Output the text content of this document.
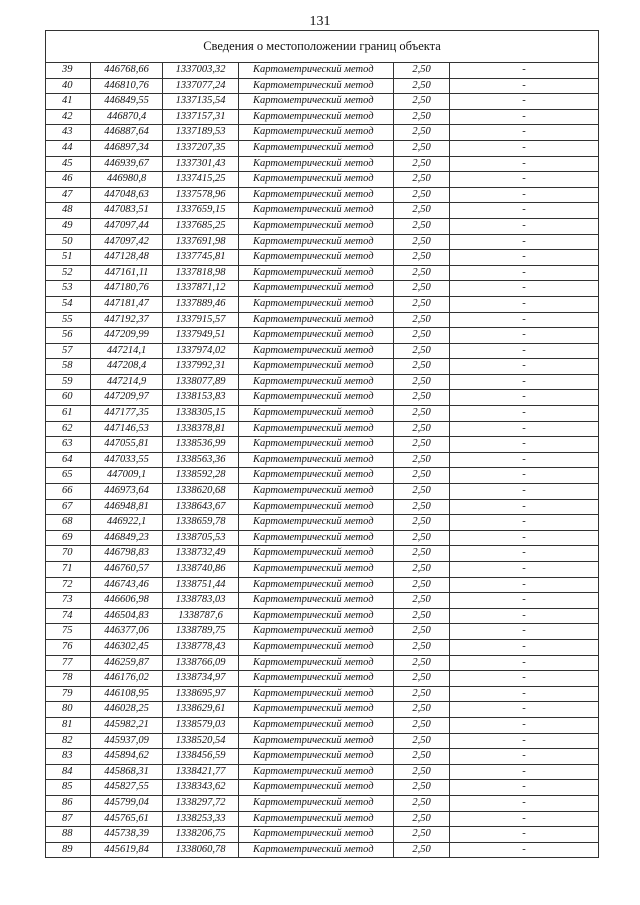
131
Сведения о местоположении границ объекта					
39	446768,66	1337003,32	Картометрический метод	2,50	-
40	446810,76	1337077,24	Картометрический метод	2,50	-
41	446849,55	1337135,54	Картометрический метод	2,50	-
42	446870,4	1337157,31	Картометрический метод	2,50	-
43	446887,64	1337189,53	Картометрический метод	2,50	-
44	446897,34	1337207,35	Картометрический метод	2,50	-
45	446939,67	1337301,43	Картометрический метод	2,50	-
46	446980,8	1337415,25	Картометрический метод	2,50	-
47	447048,63	1337578,96	Картометрический метод	2,50	-
48	447083,51	1337659,15	Картометрический метод	2,50	-
49	447097,44	1337685,25	Картометрический метод	2,50	-
50	447097,42	1337691,98	Картометрический метод	2,50	-
51	447128,48	1337745,81	Картометрический метод	2,50	-
52	447161,11	1337818,98	Картометрический метод	2,50	-
53	447180,76	1337871,12	Картометрический метод	2,50	-
54	447181,47	1337889,46	Картометрический метод	2,50	-
55	447192,37	1337915,57	Картометрический метод	2,50	-
56	447209,99	1337949,51	Картометрический метод	2,50	-
57	447214,1	1337974,02	Картометрический метод	2,50	-
58	447208,4	1337992,31	Картометрический метод	2,50	-
59	447214,9	1338077,89	Картометрический метод	2,50	-
60	447209,97	1338153,83	Картометрический метод	2,50	-
61	447177,35	1338305,15	Картометрический метод	2,50	-
62	447146,53	1338378,81	Картометрический метод	2,50	-
63	447055,81	1338536,99	Картометрический метод	2,50	-
64	447033,55	1338563,36	Картометрический метод	2,50	-
65	447009,1	1338592,28	Картометрический метод	2,50	-
66	446973,64	1338620,68	Картометрический метод	2,50	-
67	446948,81	1338643,67	Картометрический метод	2,50	-
68	446922,1	1338659,78	Картометрический метод	2,50	-
69	446849,23	1338705,53	Картометрический метод	2,50	-
70	446798,83	1338732,49	Картометрический метод	2,50	-
71	446760,57	1338740,86	Картометрический метод	2,50	-
72	446743,46	1338751,44	Картометрический метод	2,50	-
73	446606,98	1338783,03	Картометрический метод	2,50	-
74	446504,83	1338787,6	Картометрический метод	2,50	-
75	446377,06	1338789,75	Картометрический метод	2,50	-
76	446302,45	1338778,43	Картометрический метод	2,50	-
77	446259,87	1338766,09	Картометрический метод	2,50	-
78	446176,02	1338734,97	Картометрический метод	2,50	-
79	446108,95	1338695,97	Картометрический метод	2,50	-
80	446028,25	1338629,61	Картометрический метод	2,50	-
81	445982,21	1338579,03	Картометрический метод	2,50	-
82	445937,09	1338520,54	Картометрический метод	2,50	-
83	445894,62	1338456,59	Картометрический метод	2,50	-
84	445868,31	1338421,77	Картометрический метод	2,50	-
85	445827,55	1338343,62	Картометрический метод	2,50	-
86	445799,04	1338297,72	Картометрический метод	2,50	-
87	445765,61	1338253,33	Картометрический метод	2,50	-
88	445738,39	1338206,75	Картометрический метод	2,50	-
89	445619,84	1338060,78	Картометрический метод	2,50	-
